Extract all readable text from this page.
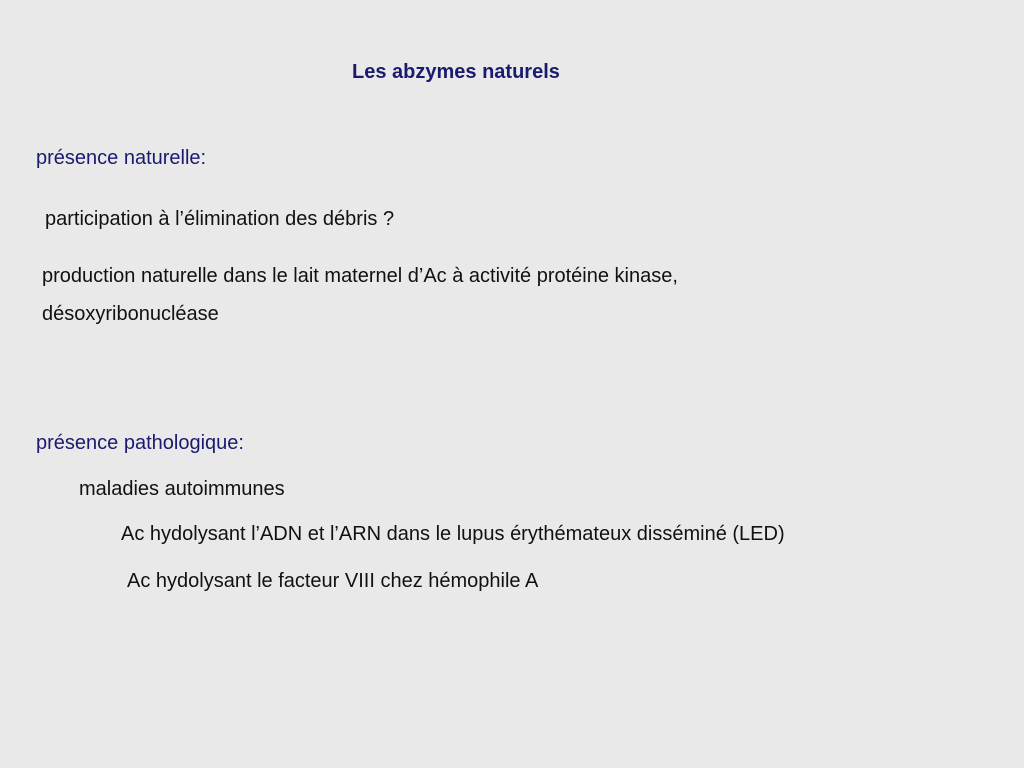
Les abzymes naturels
présence naturelle:
participation à l’élimination des débris ?
production naturelle dans le lait maternel d’Ac à activité protéine kinase,
désoxyribonucléase
présence pathologique:
maladies autoimmunes
Ac hydolysant l’ADN et l’ARN dans le lupus érythémateux disséminé (LED)
Ac hydolysant le facteur VIII chez hémophile A
